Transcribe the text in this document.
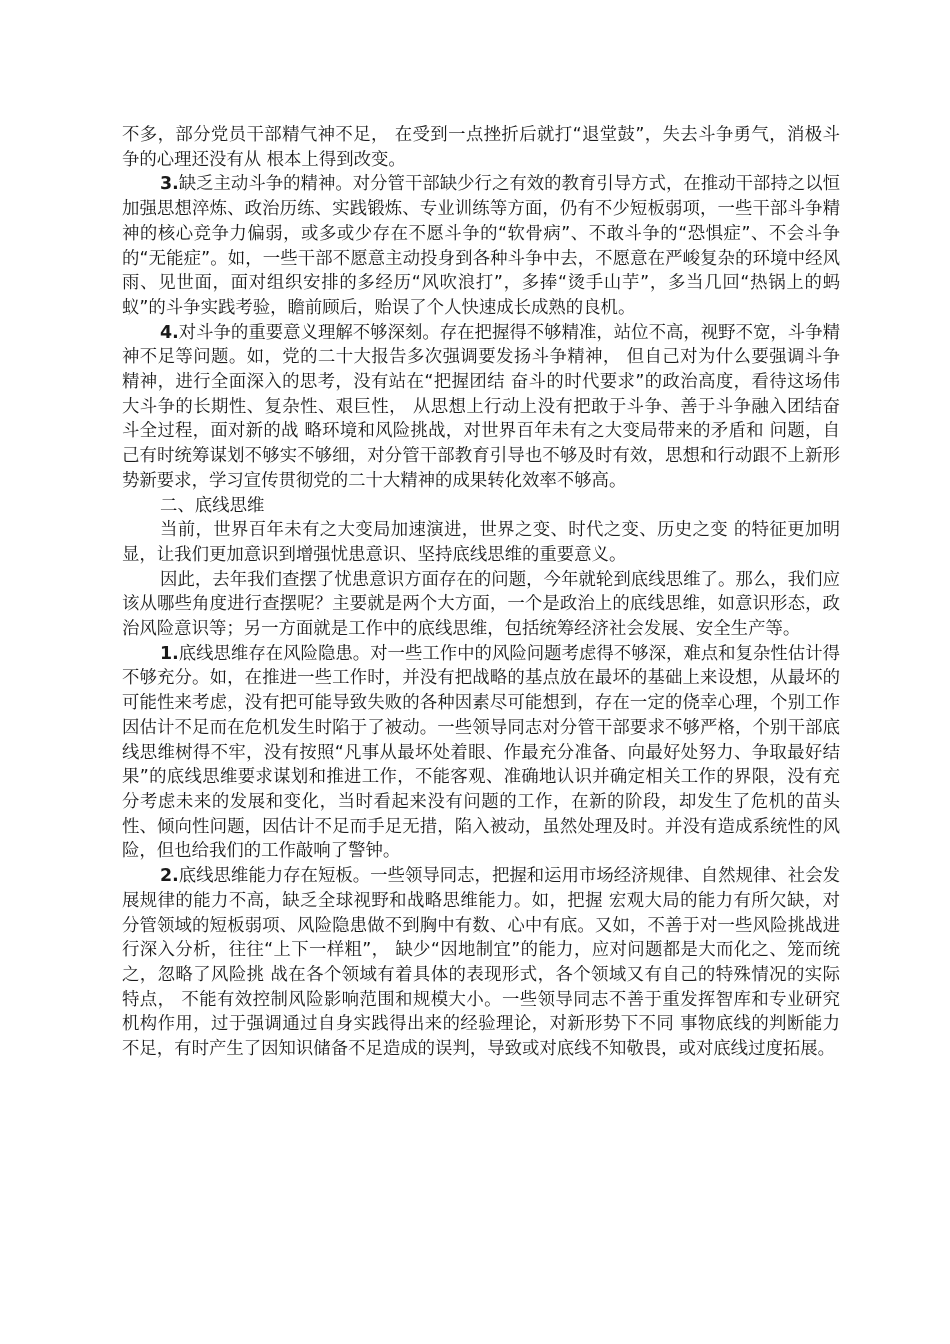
不多，部分党员干部精气神不足， 在受到一点挫折后就打“退堂鼓”，失去斗争勇气，消极斗争的心理还没有从 根本上得到改变。

3.缺乏主动斗争的精神。对分管干部缺少行之有效的教育引导方式，在推动干部持之以恒加强思想淬炼、政治历练、实践锻炼、专业训练等方面，仍有不少短板弱项，一些干部斗争精神的核心竞争力偏弱，或多或少存在不愿斗争的“软骨病”、不敢斗争的“恐惧症”、不会斗争的“无能症”。如，一些干部不愿意主动投身到各种斗争中去，不愿意在严峻复杂的环境中经风雨、见世面，面对组织安排的多经历“风吹浪打”，多捧“烫手山芋”，多当几回“热锅上的蚂蚁”的斗争实践考验，瞻前顾后，贻误了个人快速成长成熟的良机。

4.对斗争的重要意义理解不够深刻。存在把握得不够精准，站位不高，视野不宽，斗争精神不足等问题。如，党的二十大报告多次强调要发扬斗争精神， 但自己对为什么要强调斗争精神，进行全面深入的思考，没有站在“把握团结 奋斗的时代要求”的政治高度，看待这场伟大斗争的长期性、复杂性、艰巨性， 从思想上行动上没有把敢于斗争、善于斗争融入团结奋斗全过程，面对新的战 略环境和风险挑战，对世界百年未有之大变局带来的矛盾和 问题，自己有时统筹谋划不够实不够细，对分管干部教育引导也不够及时有效，思想和行动跟不上新形势新要求，学习宣传贯彻党的二十大精神的成果转化效率不够高。

二、底线思维

当前，世界百年未有之大变局加速演进，世界之变、时代之变、历史之变 的特征更加明显，让我们更加意识到增强忧患意识、坚持底线思维的重要意义。

因此，去年我们查摆了忧患意识方面存在的问题，今年就轮到底线思维了。那么，我们应该从哪些角度进行查摆呢？主要就是两个大方面，一个是政治上的底线思维，如意识形态，政治风险意识等；另一方面就是工作中的底线思维，包括统筹经济社会发展、安全生产等。

1.底线思维存在风险隐患。对一些工作中的风险问题考虑得不够深，难点和复杂性估计得不够充分。如，在推进一些工作时，并没有把战略的基点放在最坏的基础上来设想，从最坏的可能性来考虑，没有把可能导致失败的各种因素尽可能想到，存在一定的侥幸心理，个别工作因估计不足而在危机发生时陷于了被动。一些领导同志对分管干部要求不够严格，个别干部底线思维树得不牢，没有按照“凡事从最坏处着眼、作最充分准备、向最好处努力、争取最好结果”的底线思维要求谋划和推进工作，不能客观、准确地认识并确定相关工作的界限，没有充分考虑未来的发展和变化，当时看起来没有问题的工作，在新的阶段，却发生了危机的苗头性、倾向性问题，因估计不足而手足无措，陷入被动，虽然处理及时。并没有造成系统性的风险，但也给我们的工作敲响了警钟。

2.底线思维能力存在短板。一些领导同志，把握和运用市场经济规律、自然规律、社会发展规律的能力不高，缺乏全球视野和战略思维能力。如，把握 宏观大局的能力有所欠缺，对分管领域的短板弱项、风险隐患做不到胸中有数、心中有底。又如，不善于对一些风险挑战进行深入分析，往往“上下一样粗”， 缺少“因地制宜”的能力，应对问题都是大而化之、笼而统之，忽略了风险挑 战在各个领域有着具体的表现形式，各个领域又有自己的特殊情况的实际特点， 不能有效控制风险影响范围和规模大小。一些领导同志不善于重发挥智库和专业研究机构作用，过于强调通过自身实践得出来的经验理论，对新形势下不同 事物底线的判断能力不足，有时产生了因知识储备不足造成的误判，导致或对底线不知敬畏，或对底线过度拓展。
